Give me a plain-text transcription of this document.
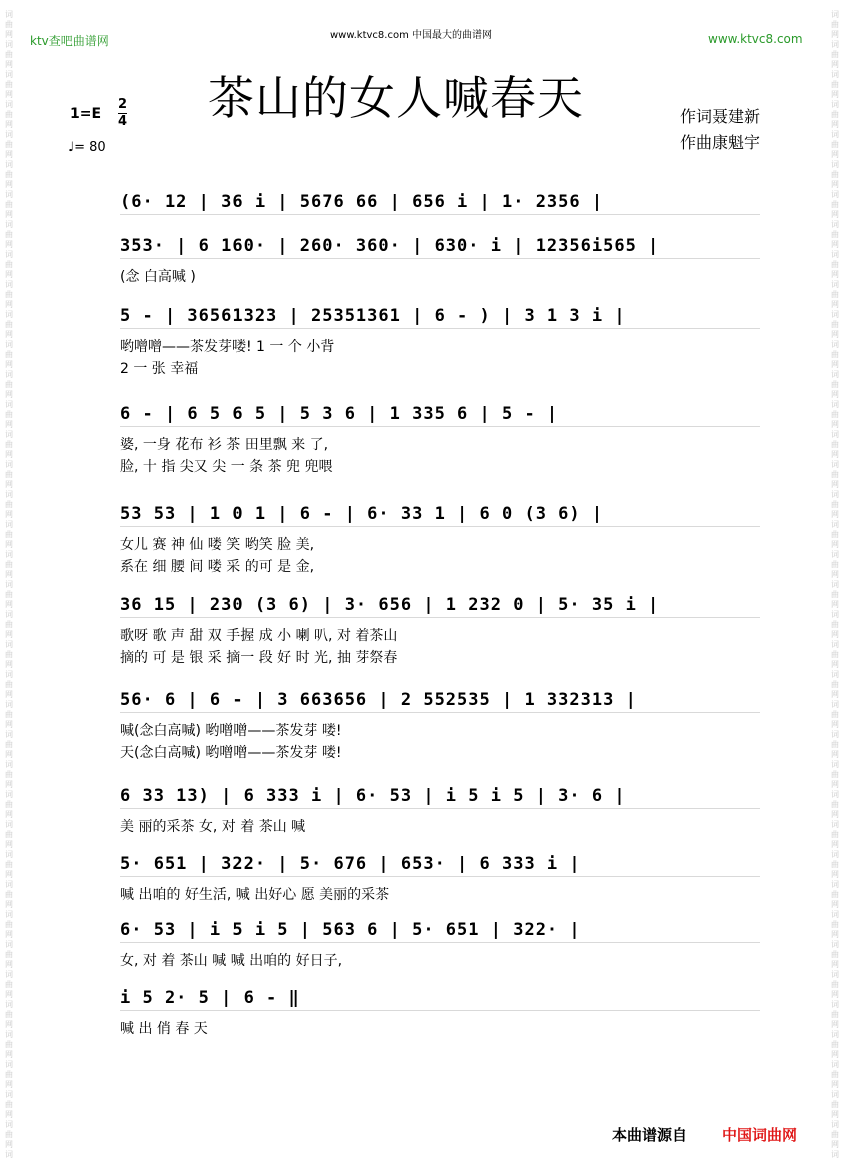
词
曲
网
词
曲
网
词
曲
网
词
曲
网
词
曲
网
词
曲
网
词
曲
网
词
曲
网
词
曲
网
词
曲
网
词
曲
网
词
曲
网
词
曲
网
词
曲
网
词
曲
网
词
曲
网
词
曲
网
词
曲
网
词
曲
网
词
曲
网
词
曲
网
词
曲
网
词
曲
网
词
曲
网
词
曲
网
词
曲
网
词
曲
网
词
曲
网
词
曲
网
词
曲
网
词
曲
网
词
曲
网
词
曲
网
词
曲
网
词
曲
网
词
曲
网
词
曲
网
词
曲
网
词
词
曲
网
词
曲
网
词
曲
网
词
曲
网
词
曲
网
词
曲
网
词
曲
网
词
曲
网
词
曲
网
词
曲
网
词
曲
网
词
曲
网
词
曲
网
词
曲
网
词
曲
网
词
曲
网
词
曲
网
词
曲
网
词
曲
网
词
曲
网
词
曲
网
词
曲
网
词
曲
网
词
曲
网
词
曲
网
词
曲
网
词
曲
网
词
曲
网
词
曲
网
词
曲
网
词
曲
网
词
曲
网
词
曲
网
词
曲
网
词
曲
网
词
曲
网
词
曲
网
词
曲
网
词
ktv查吧曲谱网	www.ktvc8.com 中国最大的曲谱网	www.ktvc8.com
茶山的女人喊春天	作词聂建新
作曲康魁宇
1=E
2
4
♩= 80
(6· 12 | 36 i | 5676 66 | 656 i | 1· 2356 |
353· | 6 160· | 260· 360· | 630· i | 12356i565 |
(念 白高喊 )
5 - | 36561323 | 25351361 | 6 - ) | 3 1 3 i |
哟噌噌——茶发芽喽! 1 一 个 小背
2 一 张 幸福
6 - | 6 5 6 5 | 5 3 6 | 1 335 6 | 5 - |
婆, 一身 花布 衫 茶 田里飘 来 了,
脸, 十 指 尖又 尖 一 条 茶 兜 兜喂
53 53 | 1 0 1 | 6 - | 6· 33 1 | 6 0 (3 6) |
女儿 赛 神 仙 喽 笑 哟笑 脸 美,
系在 细 腰 间 喽 采 的可 是 金,
36 15 | 230 (3 6) | 3· 656 | 1 232 0 | 5· 35 i |
歌呀 歌 声 甜 双 手握 成 小 喇 叭, 对 着茶山
摘的 可 是 银 采 摘一 段 好 时 光, 抽 芽祭春
56· 6 | 6 - | 3 663656 | 2 552535 | 1 332313 |
喊(念白高喊) 哟噌噌——茶发芽 喽!
天(念白高喊) 哟噌噌——茶发芽 喽!
6 33 13) | 6 333 i | 6· 53 | i 5 i 5 | 3· 6 |
美 丽的采茶 女, 对 着 茶山 喊
5· 651 | 322· | 5· 676 | 653· | 6 333 i |
喊 出咱的 好生活, 喊 出好心 愿 美丽的采茶
6· 53 | i 5 i 5 | 563 6 | 5· 651 | 322· |
女, 对 着 茶山 喊 喊 出咱的 好日子,
i 5 2· 5 | 6 - ‖
喊 出 俏 春 天
本曲谱源自 中国词曲网
